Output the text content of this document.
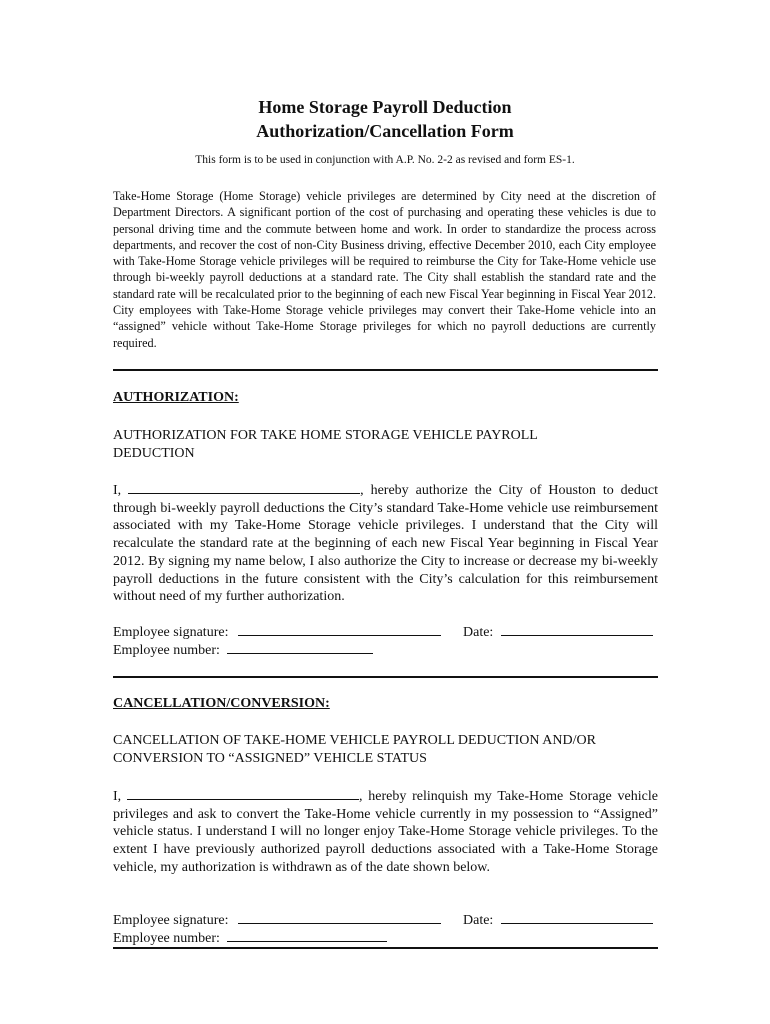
Home Storage Payroll Deduction
Authorization/Cancellation Form
This form is to be used in conjunction with A.P. No. 2-2 as revised and form ES-1.
Take-Home Storage (Home Storage) vehicle privileges are determined by City need at the discretion of Department Directors. A significant portion of the cost of purchasing and operating these vehicles is due to personal driving time and the commute between home and work. In order to standardize the process across departments, and recover the cost of non-City Business driving, effective December 2010, each City employee with Take-Home Storage vehicle privileges will be required to reimburse the City for Take-Home vehicle use through bi-weekly payroll deductions at a standard rate. The City shall establish the standard rate and the standard rate will be recalculated prior to the beginning of each new Fiscal Year beginning in Fiscal Year 2012. City employees with Take-Home Storage vehicle privileges may convert their Take-Home vehicle into an “assigned” vehicle without Take-Home Storage privileges for which no payroll deductions are currently required.
AUTHORIZATION:
AUTHORIZATION FOR TAKE HOME STORAGE VEHICLE PAYROLL DEDUCTION
I,	, hereby authorize the City of Houston to deduct through bi-weekly payroll deductions the City’s standard Take-Home vehicle use reimbursement associated with my Take-Home Storage vehicle privileges. I understand that the City will recalculate the standard rate at the beginning of each new Fiscal Year beginning in Fiscal Year 2012. By signing my name below, I also authorize the City to increase or decrease my bi-weekly payroll deductions in the future consistent with the City’s calculation for this reimbursement without need of my further authorization.
Employee signature:	Date:
Employee number:
CANCELLATION/CONVERSION:
CANCELLATION OF TAKE-HOME VEHICLE PAYROLL DEDUCTION AND/OR CONVERSION TO “ASSIGNED” VEHICLE STATUS
I,	, hereby relinquish my Take-Home Storage vehicle privileges and ask to convert the Take-Home vehicle currently in my possession to “Assigned” vehicle status. I understand I will no longer enjoy Take-Home Storage vehicle privileges. To the extent I have previously authorized payroll deductions associated with a Take-Home Storage vehicle, my authorization is withdrawn as of the date shown below.
Employee signature:	Date:
Employee number:
